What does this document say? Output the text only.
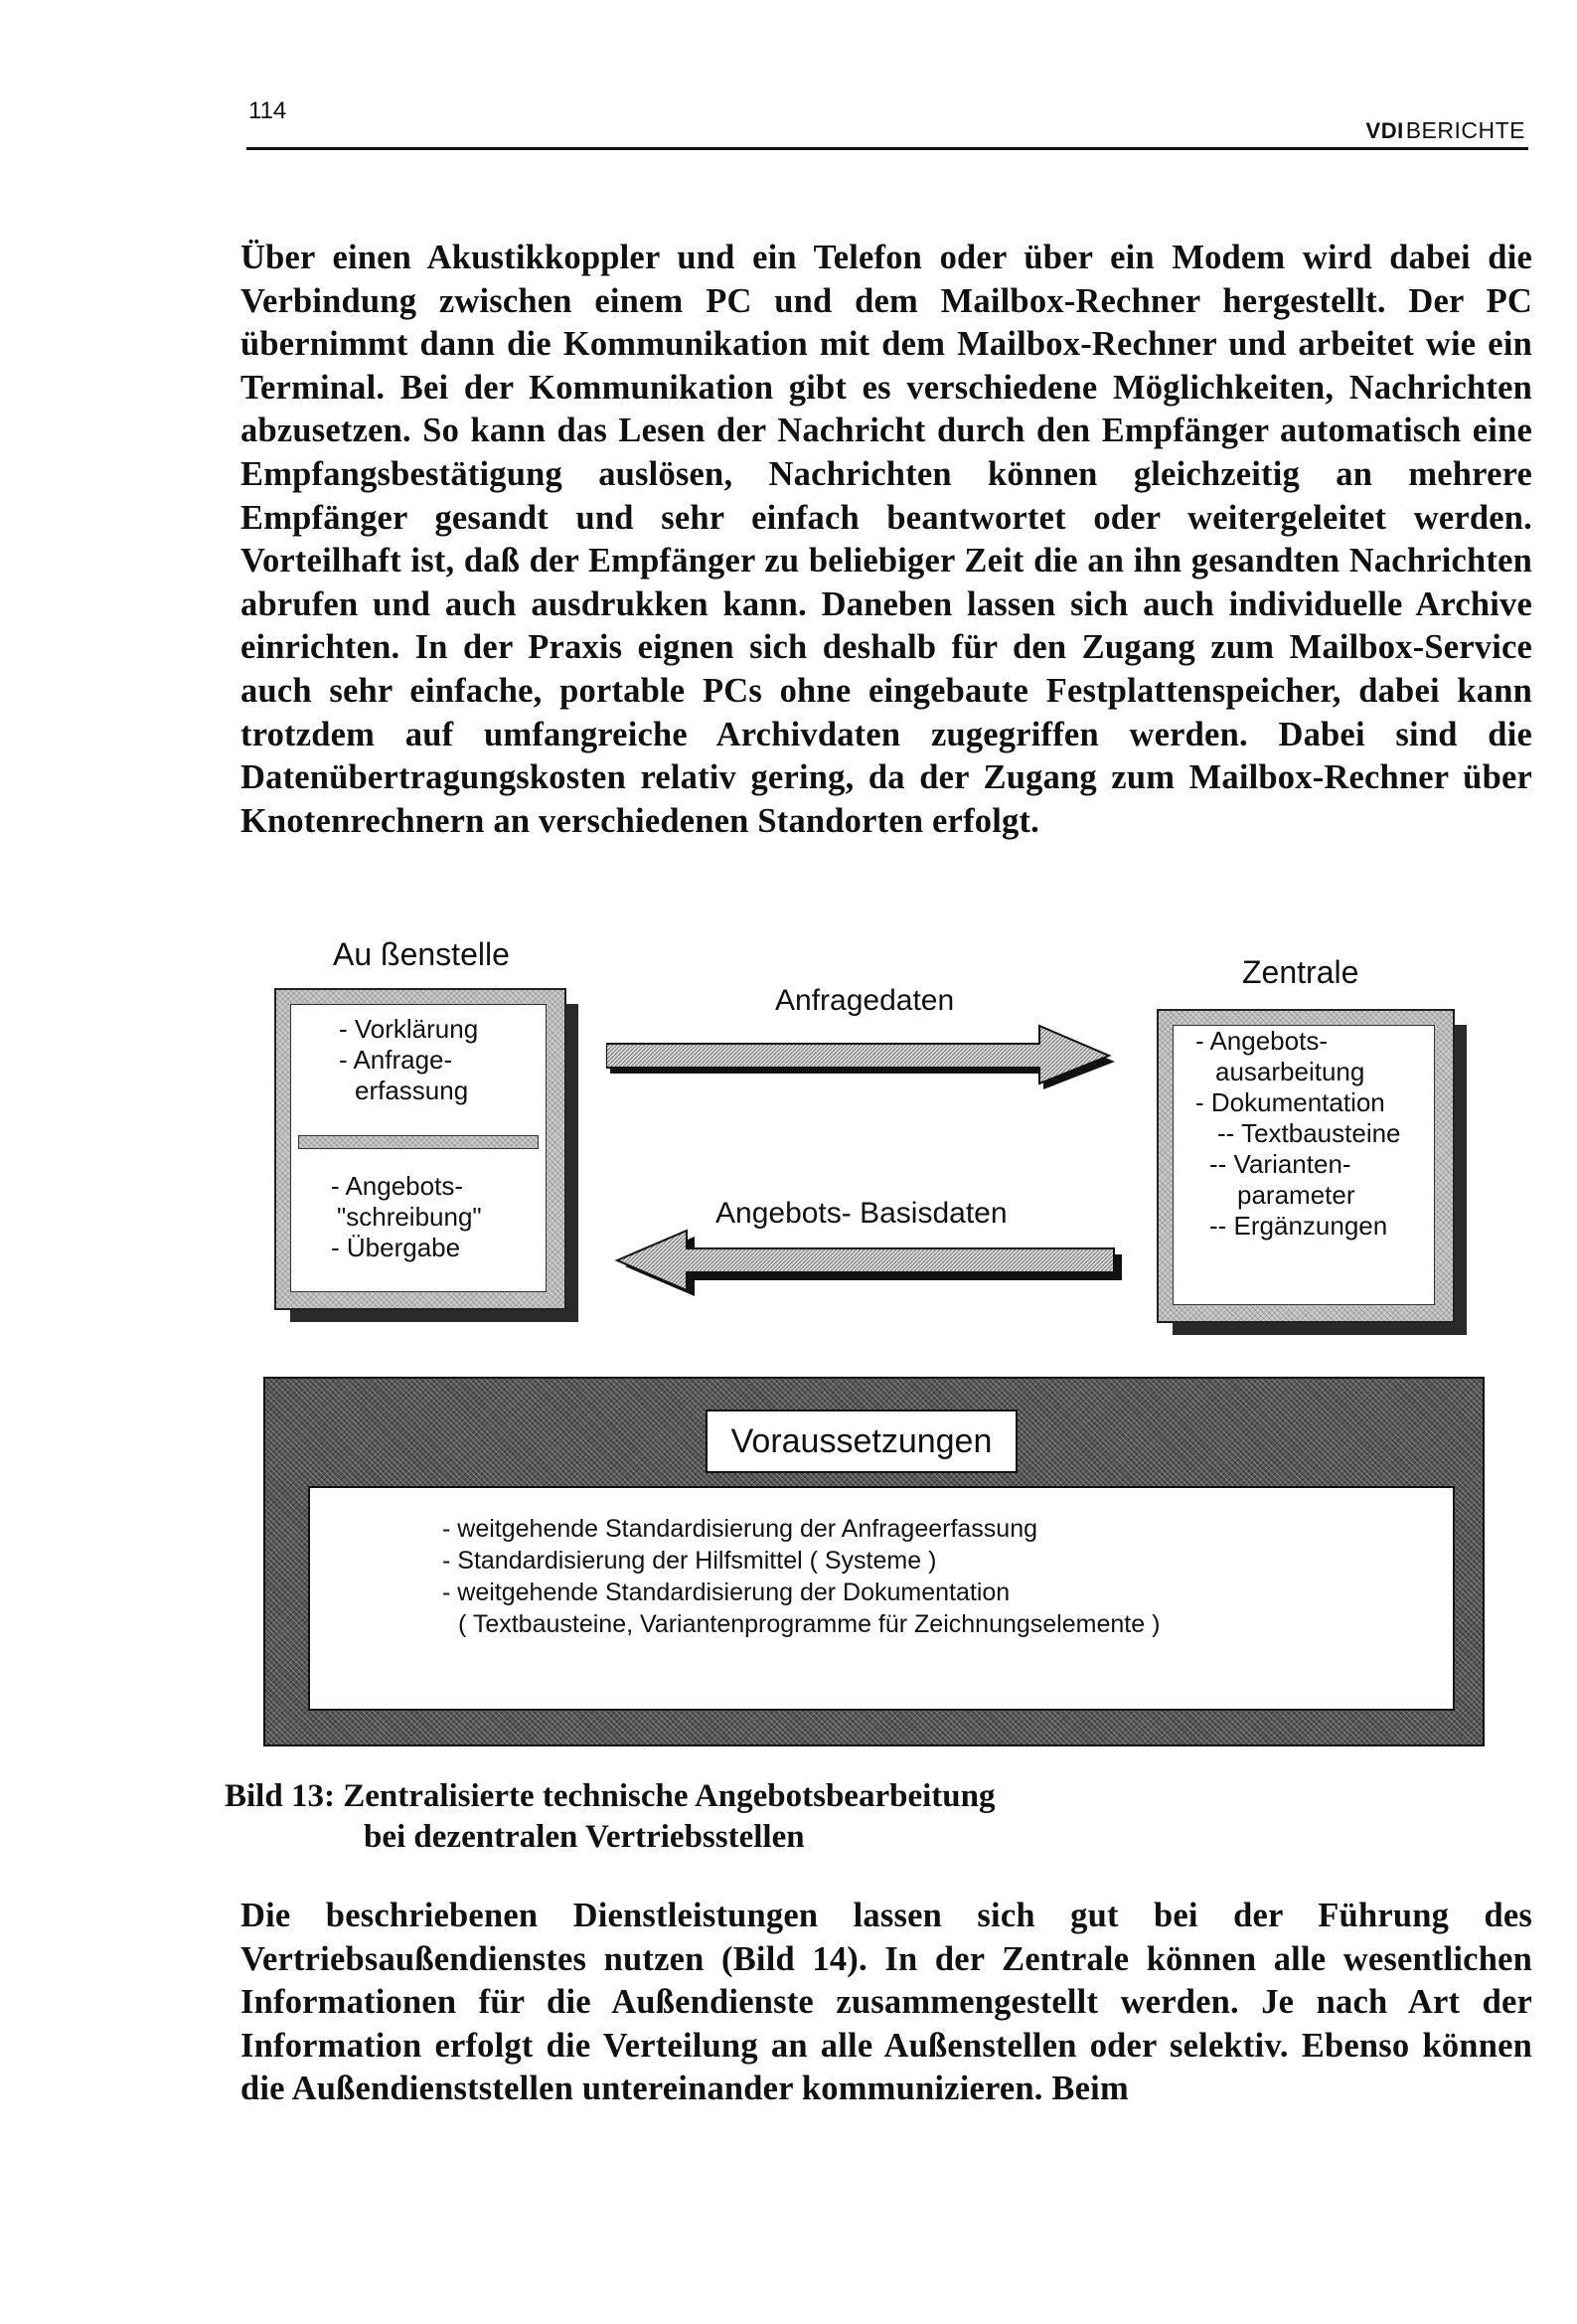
114
VDIBERICHTE

Über einen Akustikkoppler und ein Telefon oder über ein Modem wird dabei die Verbindung zwischen einem PC und dem Mailbox-Rechner hergestellt. Der PC übernimmt dann die Kommunikation mit dem Mailbox-Rechner und arbeitet wie ein Terminal. Bei der Kommunikation gibt es verschiedene Möglichkeiten, Nachrichten abzusetzen. So kann das Lesen der Nachricht durch den Empfänger automatisch eine Empfangsbestätigung auslösen, Nachrichten können gleichzeitig an mehrere Empfänger gesandt und sehr einfach beantwortet oder weitergeleitet werden. Vorteilhaft ist, daß der Empfänger zu beliebiger Zeit die an ihn gesandten Nachrichten abrufen und auch ausdrukken kann. Daneben lassen sich auch individuelle Archive einrichten. In der Praxis eignen sich deshalb für den Zugang zum Mailbox-Service auch sehr einfache, portable PCs ohne eingebaute Festplattenspeicher, dabei kann trotzdem auf umfangreiche Archivdaten zugegriffen werden. Dabei sind die Datenübertragungskosten relativ gering, da der Zugang zum Mailbox-Rechner über Knotenrechnern an verschiedenen Standorten erfolgt.

Au ßenstelle
- Vorklärung
- Anfrage-
erfassung
- Angebots-
"schreibung"
- Übergabe
Anfragedaten
Angebots- Basisdaten
Zentrale
- Angebots-
ausarbeitung
- Dokumentation
-- Textbausteine
-- Varianten-
parameter
-- Ergänzungen
Voraussetzungen
- weitgehende Standardisierung der Anfrageerfassung
- Standardisierung der Hilfsmittel ( Systeme )
- weitgehende Standardisierung der Dokumentation
( Textbausteine, Variantenprogramme für Zeichnungselemente )
Bild 13: Zentralisierte technische Angebotsbearbeitung
bei dezentralen Vertriebsstellen

Die beschriebenen Dienstleistungen lassen sich gut bei der Führung des Vertriebsaußendienstes nutzen (Bild 14). In der Zentrale können alle wesentlichen Informationen für die Außendienste zusammengestellt werden. Je nach Art der Information erfolgt die Verteilung an alle Außenstellen oder selektiv. Ebenso können die Außendienststellen untereinander kommunizieren. Beim
